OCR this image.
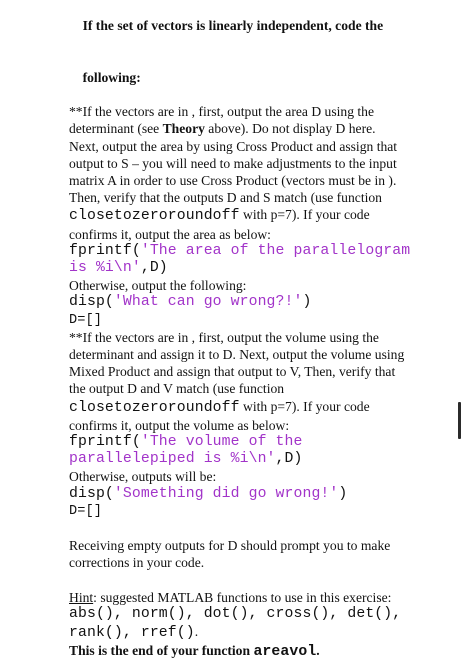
If the set of vectors is linearly independent, code the

following:

**If the vectors are in , first, output the area D using the
determinant (see Theory above). Do not display D here.
Next, output the area by using Cross Product and assign that
output to S – you will need to make adjustments to the input
matrix A in order to use Cross Product (vectors must be in ).
Then, verify that the outputs D and S match (use function
closetozeroroundoff with p=7). If your code
confirms it, output the area as below:
fprintf('The area of the parallelogram
is %i\n',D)
Otherwise, output the following:
disp('What can go wrong?!')
D=[]
**If the vectors are in , first, output the volume using the
determinant and assign it to D. Next, output the volume using
Mixed Product and assign that output to V, Then, verify that
the output D and V match (use function
closetozeroroundoff with p=7). If your code
confirms it, output the volume as below:
fprintf('The volume of the
parallelepiped is %i\n',D)
Otherwise, outputs will be:
disp('Something did go wrong!')
D=[]
Receiving empty outputs for D should prompt you to make
corrections in your code.
Hint: suggested MATLAB functions to use in this exercise:
abs(), norm(), dot(), cross(), det(),
rank(), rref().
This is the end of your function areavol.
